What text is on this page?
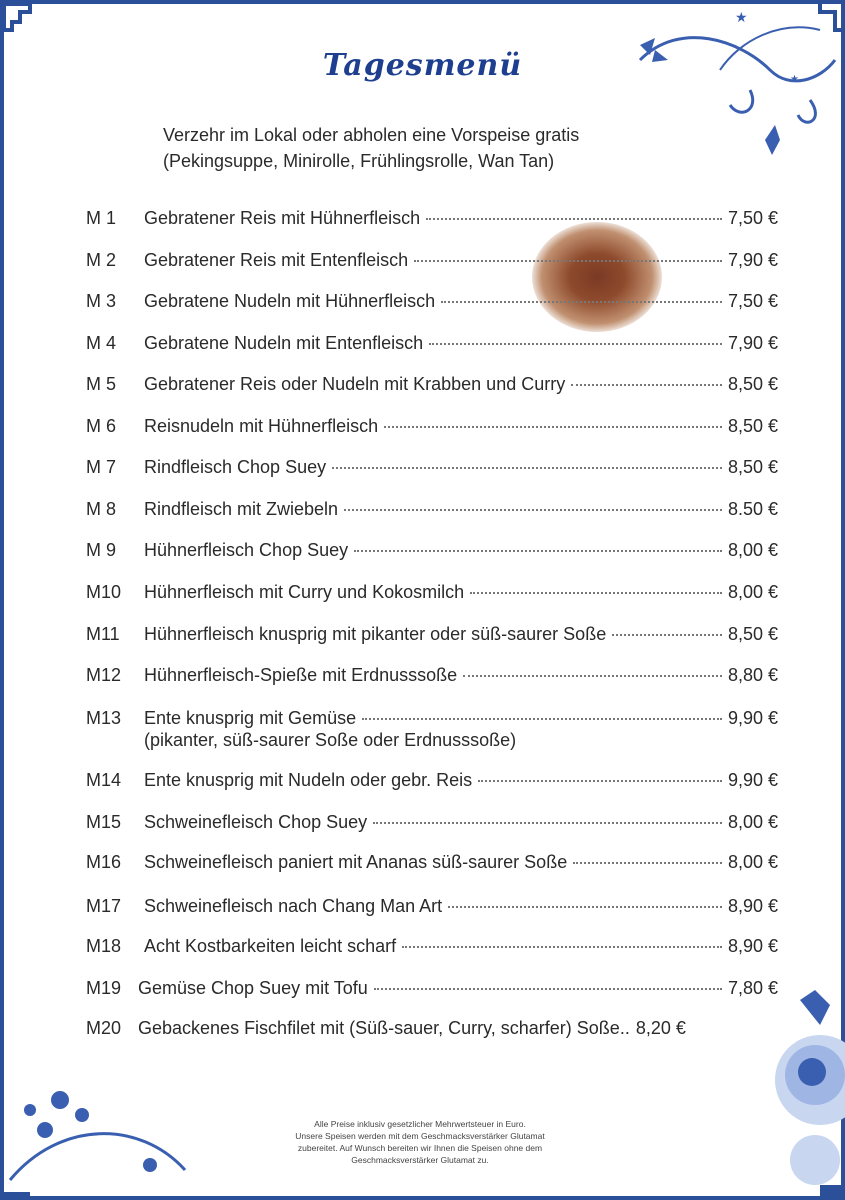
★
★
Tagesmenü
Verzehr im Lokal oder abholen eine Vorspeise gratis
(Pekingsuppe, Minirolle, Frühlingsrolle, Wan Tan)
M 1	Gebratener Reis mit Hühnerfleisch	7,50 €
M 2	Gebratener Reis mit Entenfleisch	7,90 €
M 3	Gebratene Nudeln mit Hühnerfleisch	7,50 €
M 4	Gebratene Nudeln mit Entenfleisch	7,90 €
M 5	Gebratener Reis oder Nudeln mit Krabben und Curry	8,50 €
M 6	Reisnudeln mit Hühnerfleisch	8,50 €
M 7	Rindfleisch Chop Suey	8,50 €
M 8	Rindfleisch mit Zwiebeln	8.50 €
M 9	Hühnerfleisch Chop Suey	8,00 €
M10	Hühnerfleisch mit Curry und Kokosmilch	8,00 €
M11	Hühnerfleisch knusprig mit pikanter oder süß-saurer Soße	8,50 €
M12	Hühnerfleisch-Spieße mit Erdnusssoße	8,80 €
M13	Ente knusprig mit Gemüse	9,90 €
(pikanter, süß-saurer Soße oder Erdnusssoße)
M14	Ente knusprig mit Nudeln oder gebr. Reis	9,90 €
M15	Schweinefleisch Chop Suey	8,00 €
M16	Schweinefleisch paniert mit Ananas süß-saurer Soße	8,00 €
M17	Schweinefleisch nach Chang Man Art	8,90 €
M18	Acht Kostbarkeiten leicht scharf	8,90 €
M19 Gemüse Chop Suey mit Tofu	7,80 €
M20 Gebackenes Fischfilet mit (Süß-sauer, Curry, scharfer) Soße.. 8,20 €
Alle Preise inklusiv gesetzlicher Mehrwertsteuer in Euro.
Unsere Speisen werden mit dem Geschmacksverstärker Glutamat
zubereitet. Auf Wunsch bereiten wir Ihnen die Speisen ohne dem
Geschmacksverstärker Glutamat zu.
